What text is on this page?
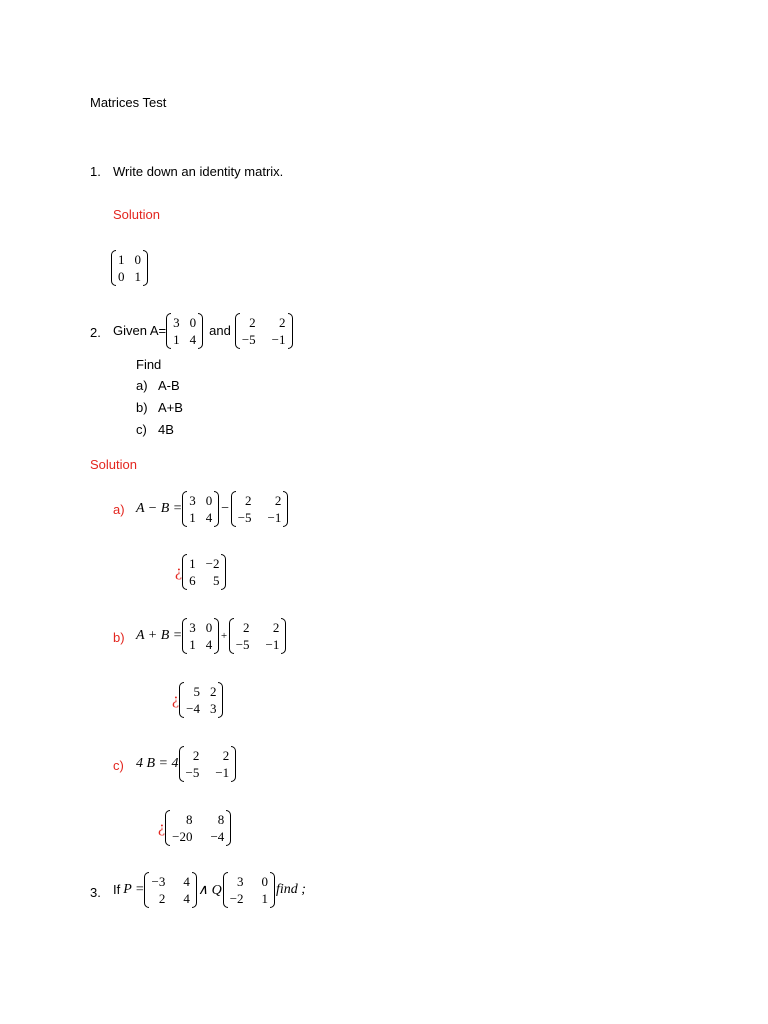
Matrices Test
1. Write down an identity matrix.
Solution
1 0
0 1
2. Given A=
3 0
1 4
and
2	2
−5 −1
Find
a) A-B
b) A+B
c) 4B
Solution
a) A − B =
3 0
1 4
−
2	2
−5 −1
¿ 1 −2
6	5
b) A + B =
3 0
1 4
+
2	2
−5 −1
¿	5 2
−4 3
c) 4 B = 4
2	2
−5 −1
¿	8	8
−20 −4
3. If P =
−3 4
2 4
∧ Q
3 0
−2 1
find ;
